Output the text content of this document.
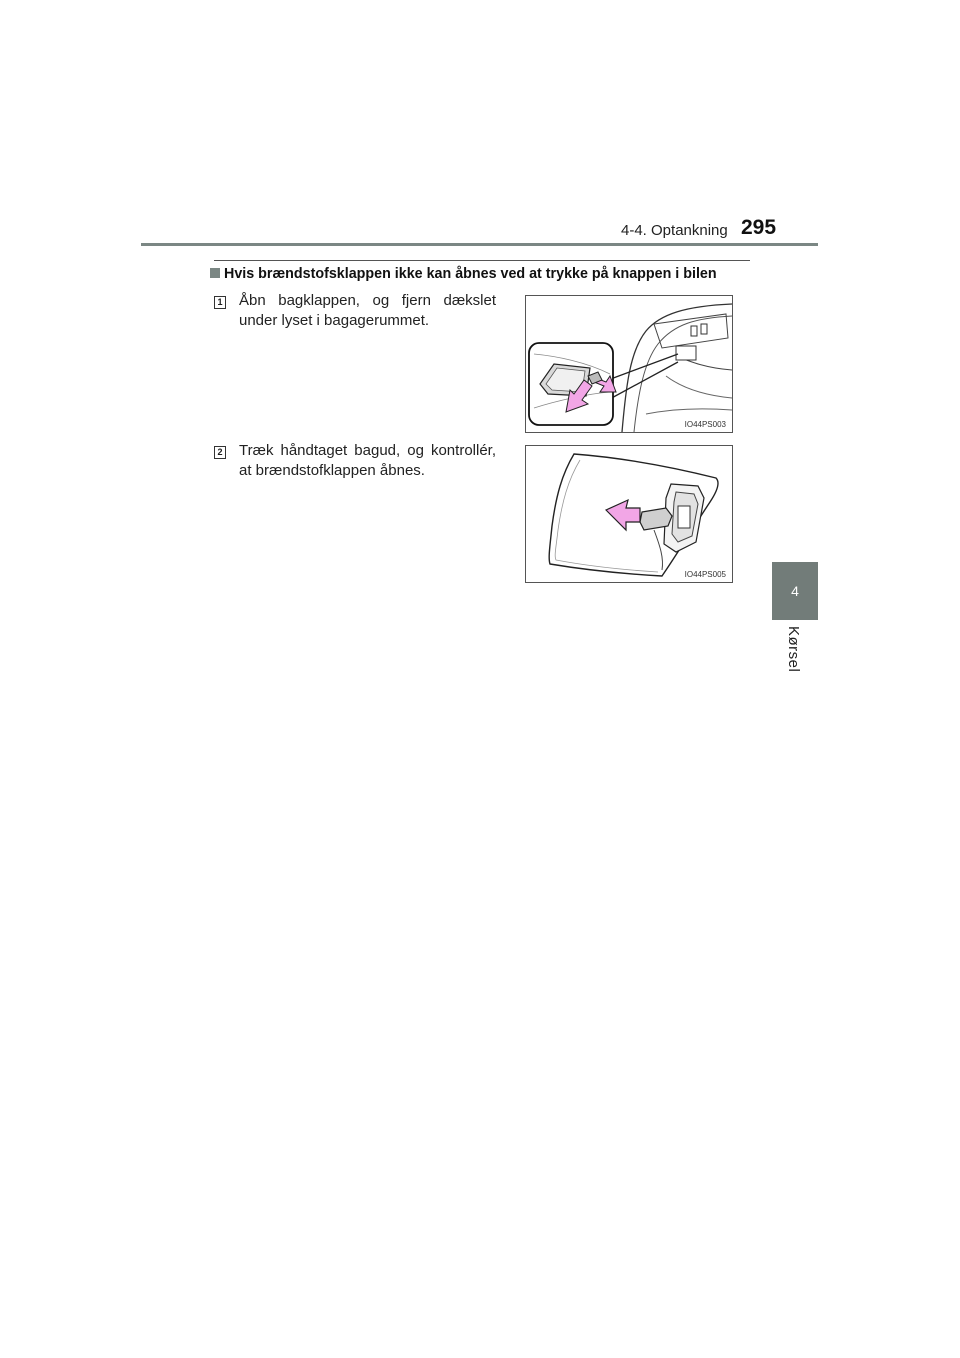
4-4. Optankning 295
4
Kørsel
Hvis brændstofsklappen ikke kan åbnes ved at trykke på knappen i bilen
1 Åbn bagklappen, og fjern dækslet under lyset i bagagerummet.
IO44PS003
2 Træk håndtaget bagud, og kontrollér, at brændstofklappen åbnes.
IO44PS005
